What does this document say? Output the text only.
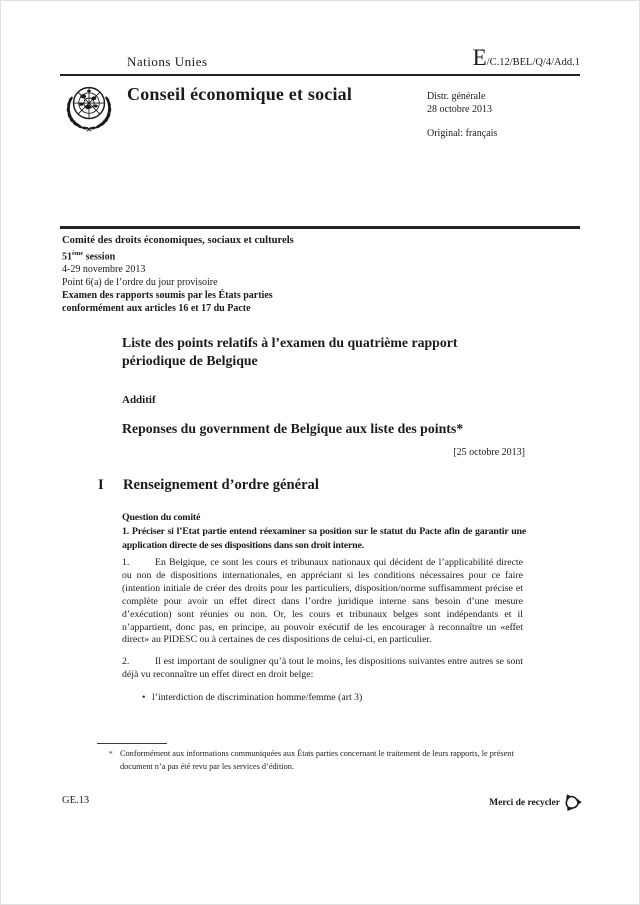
Nations Unies	E /C.12/BEL/Q/4/Add.1
Conseil économique et social	Distr. générale
28 octobre 2013
Original: français
Comité des droits économiques, sociaux et culturels
51ème session
4-29 novembre 2013
Point 6(a) de l’ordre du jour provisoire
Examen des rapports soumis par les États parties
conformément aux articles 16 et 17 du Pacte
Liste des points relatifs à l’examen du quatrième rapport périodique de Belgique
Additif
Reponses du government de Belgique aux liste des points*
[25 octobre 2013]
I Renseignement d’ordre général
Question du comité
1. Préciser si l’Etat partie entend réexaminer sa position sur le statut du Pacte afin de garantir une application directe de ses dispositions dans son droit interne.

1.	En Belgique, ce sont les cours et tribunaux nationaux qui décident de l’applicabilité directe ou non de dispositions internationales, en appréciant si les conditions nécessaires pour ce faire (intention initiale de créer des droits pour les particuliers, disposition/norme suffisamment précise et complète pour avoir un effet direct dans l’ordre juridique interne sans besoin d’une mesure d’exécution) sont réunies ou non. Or, les cours et tribunaux belges sont indépendants et il n’appartient, donc pas, en principe, au pouvoir exécutif de les encourager à reconnaître un «effet direct» au PIDESC ou à certaines de ces dispositions de celui-ci, en particulier.

2.	Il est important de souligner qu’à tout le moins, les dispositions suivantes entre autres se sont déjà vu reconnaître un effet direct en droit belge:

• l’interdiction de discrimination homme/femme (art 3)
* Conformément aux informations communiquées aux États parties concernant le traitement de leurs rapports, le présent document n’a pas été revu par les services d’édition.
GE.13	Merci de recycler
